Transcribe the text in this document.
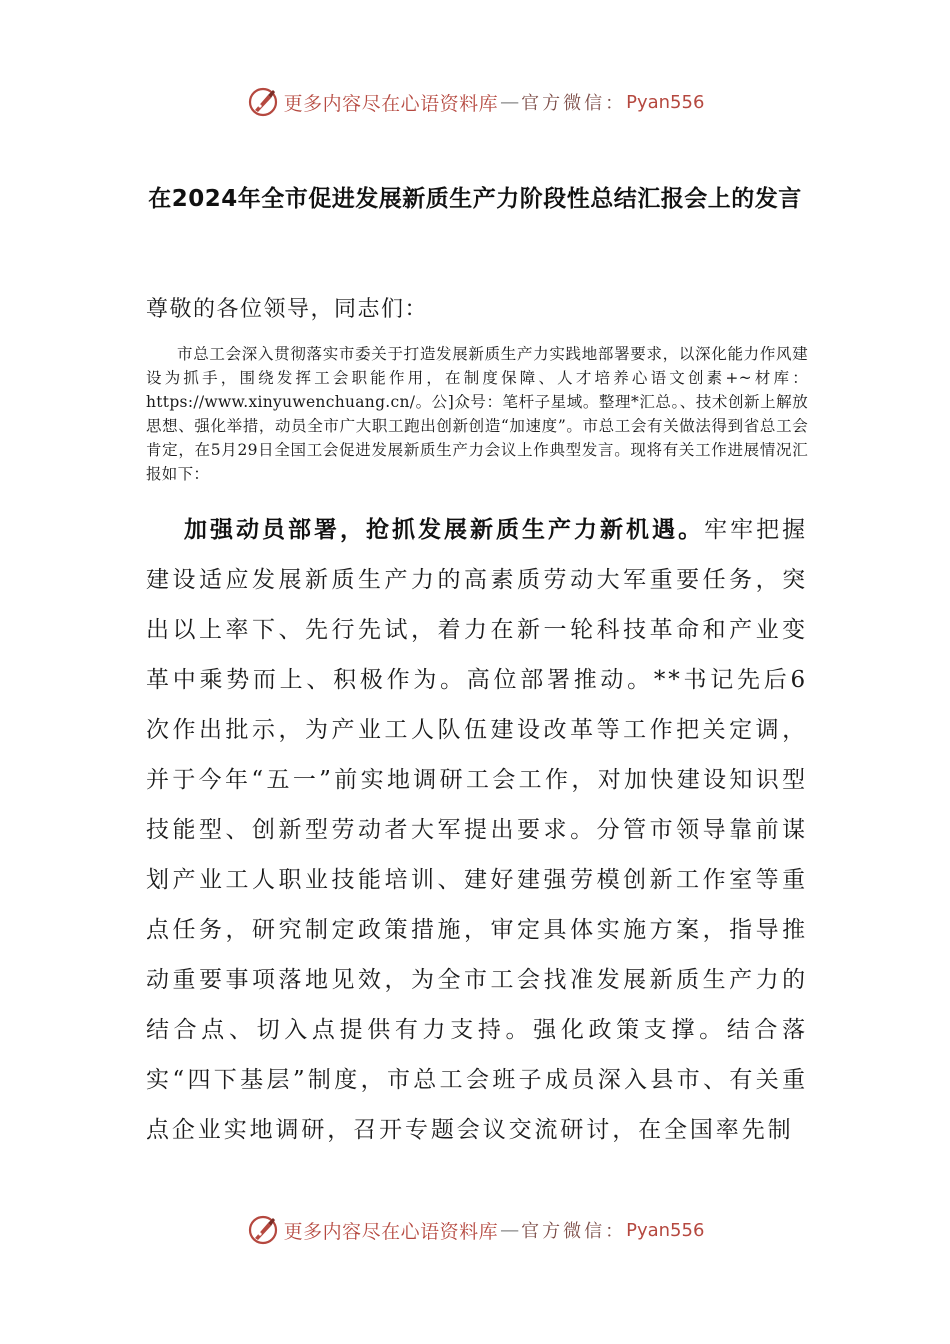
更多内容尽在心语资料库 — 官方微信： Pyan556
在2024年全市促进发展新质生产力阶段性总结汇报会上的发言
尊敬的各位领导，同志们：
市总工会深入贯彻落实市委关于打造发展新质生产力实践地部署要求，以深化能力作风建设为抓手，围绕发挥工会职能作用，在制度保障、人才培养心语文创素+~材库：https://www.xinyuwenchuang.cn/。公]众号：笔杆子星域。整理*汇总。、技术创新上解放思想、强化举措，动员全市广大职工跑出创新创造“加速度”。市总工会有关做法得到省总工会肯定，在5月29日全国工会促进发展新质生产力会议上作典型发言。现将有关工作进展情况汇报如下：
加强动员部署，抢抓发展新质生产力新机遇。牢牢把握建设适应发展新质生产力的高素质劳动大军重要任务，突出以上率下、先行先试，着力在新一轮科技革命和产业变革中乘势而上、积极作为。高位部署推动。**书记先后6次作出批示，为产业工人队伍建设改革等工作把关定调，并于今年“五一”前实地调研工会工作，对加快建设知识型技能型、创新型劳动者大军提出要求。分管市领导靠前谋划产业工人职业技能培训、建好建强劳模创新工作室等重点任务，研究制定政策措施，审定具体实施方案，指导推动重要事项落地见效，为全市工会找准发展新质生产力的结合点、切入点提供有力支持。强化政策支撑。结合落实“四下基层”制度，市总工会班子成员深入县市、有关重点企业实地调研，召开专题会议交流研讨，在全国率先制
更多内容尽在心语资料库 — 官方微信： Pyan556
